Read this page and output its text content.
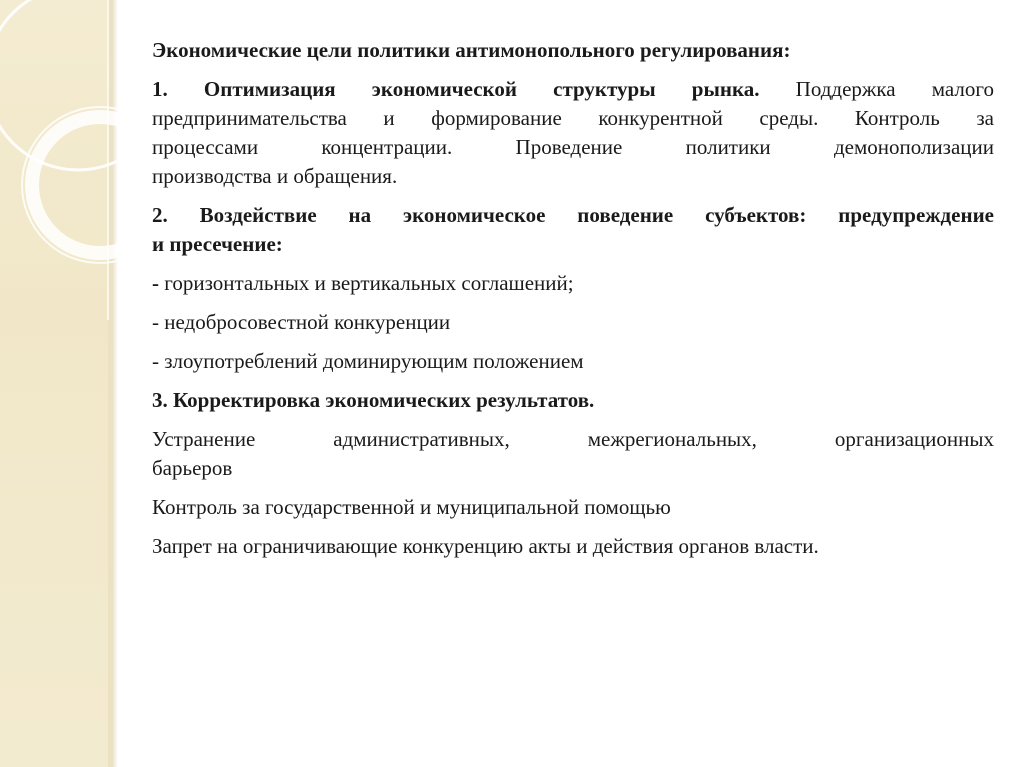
Экономические цели политики антимонопольного регулирования:

1. Оптимизация экономической структуры рынка. Поддержка малого
предпринимательства и формирование конкурентной среды. Контроль за
процессами концентрации. Проведение политики демонополизации
производства и обращения.

2. Воздействие на экономическое поведение субъектов: предупреждение
и пресечение:

- горизонтальных и вертикальных соглашений;

- недобросовестной конкуренции

- злоупотреблений доминирующим положением

3. Корректировка экономических результатов.

Устранение административных, межрегиональных, организационных
барьеров

Контроль за государственной и муниципальной помощью

Запрет на ограничивающие конкуренцию акты и действия органов власти.
